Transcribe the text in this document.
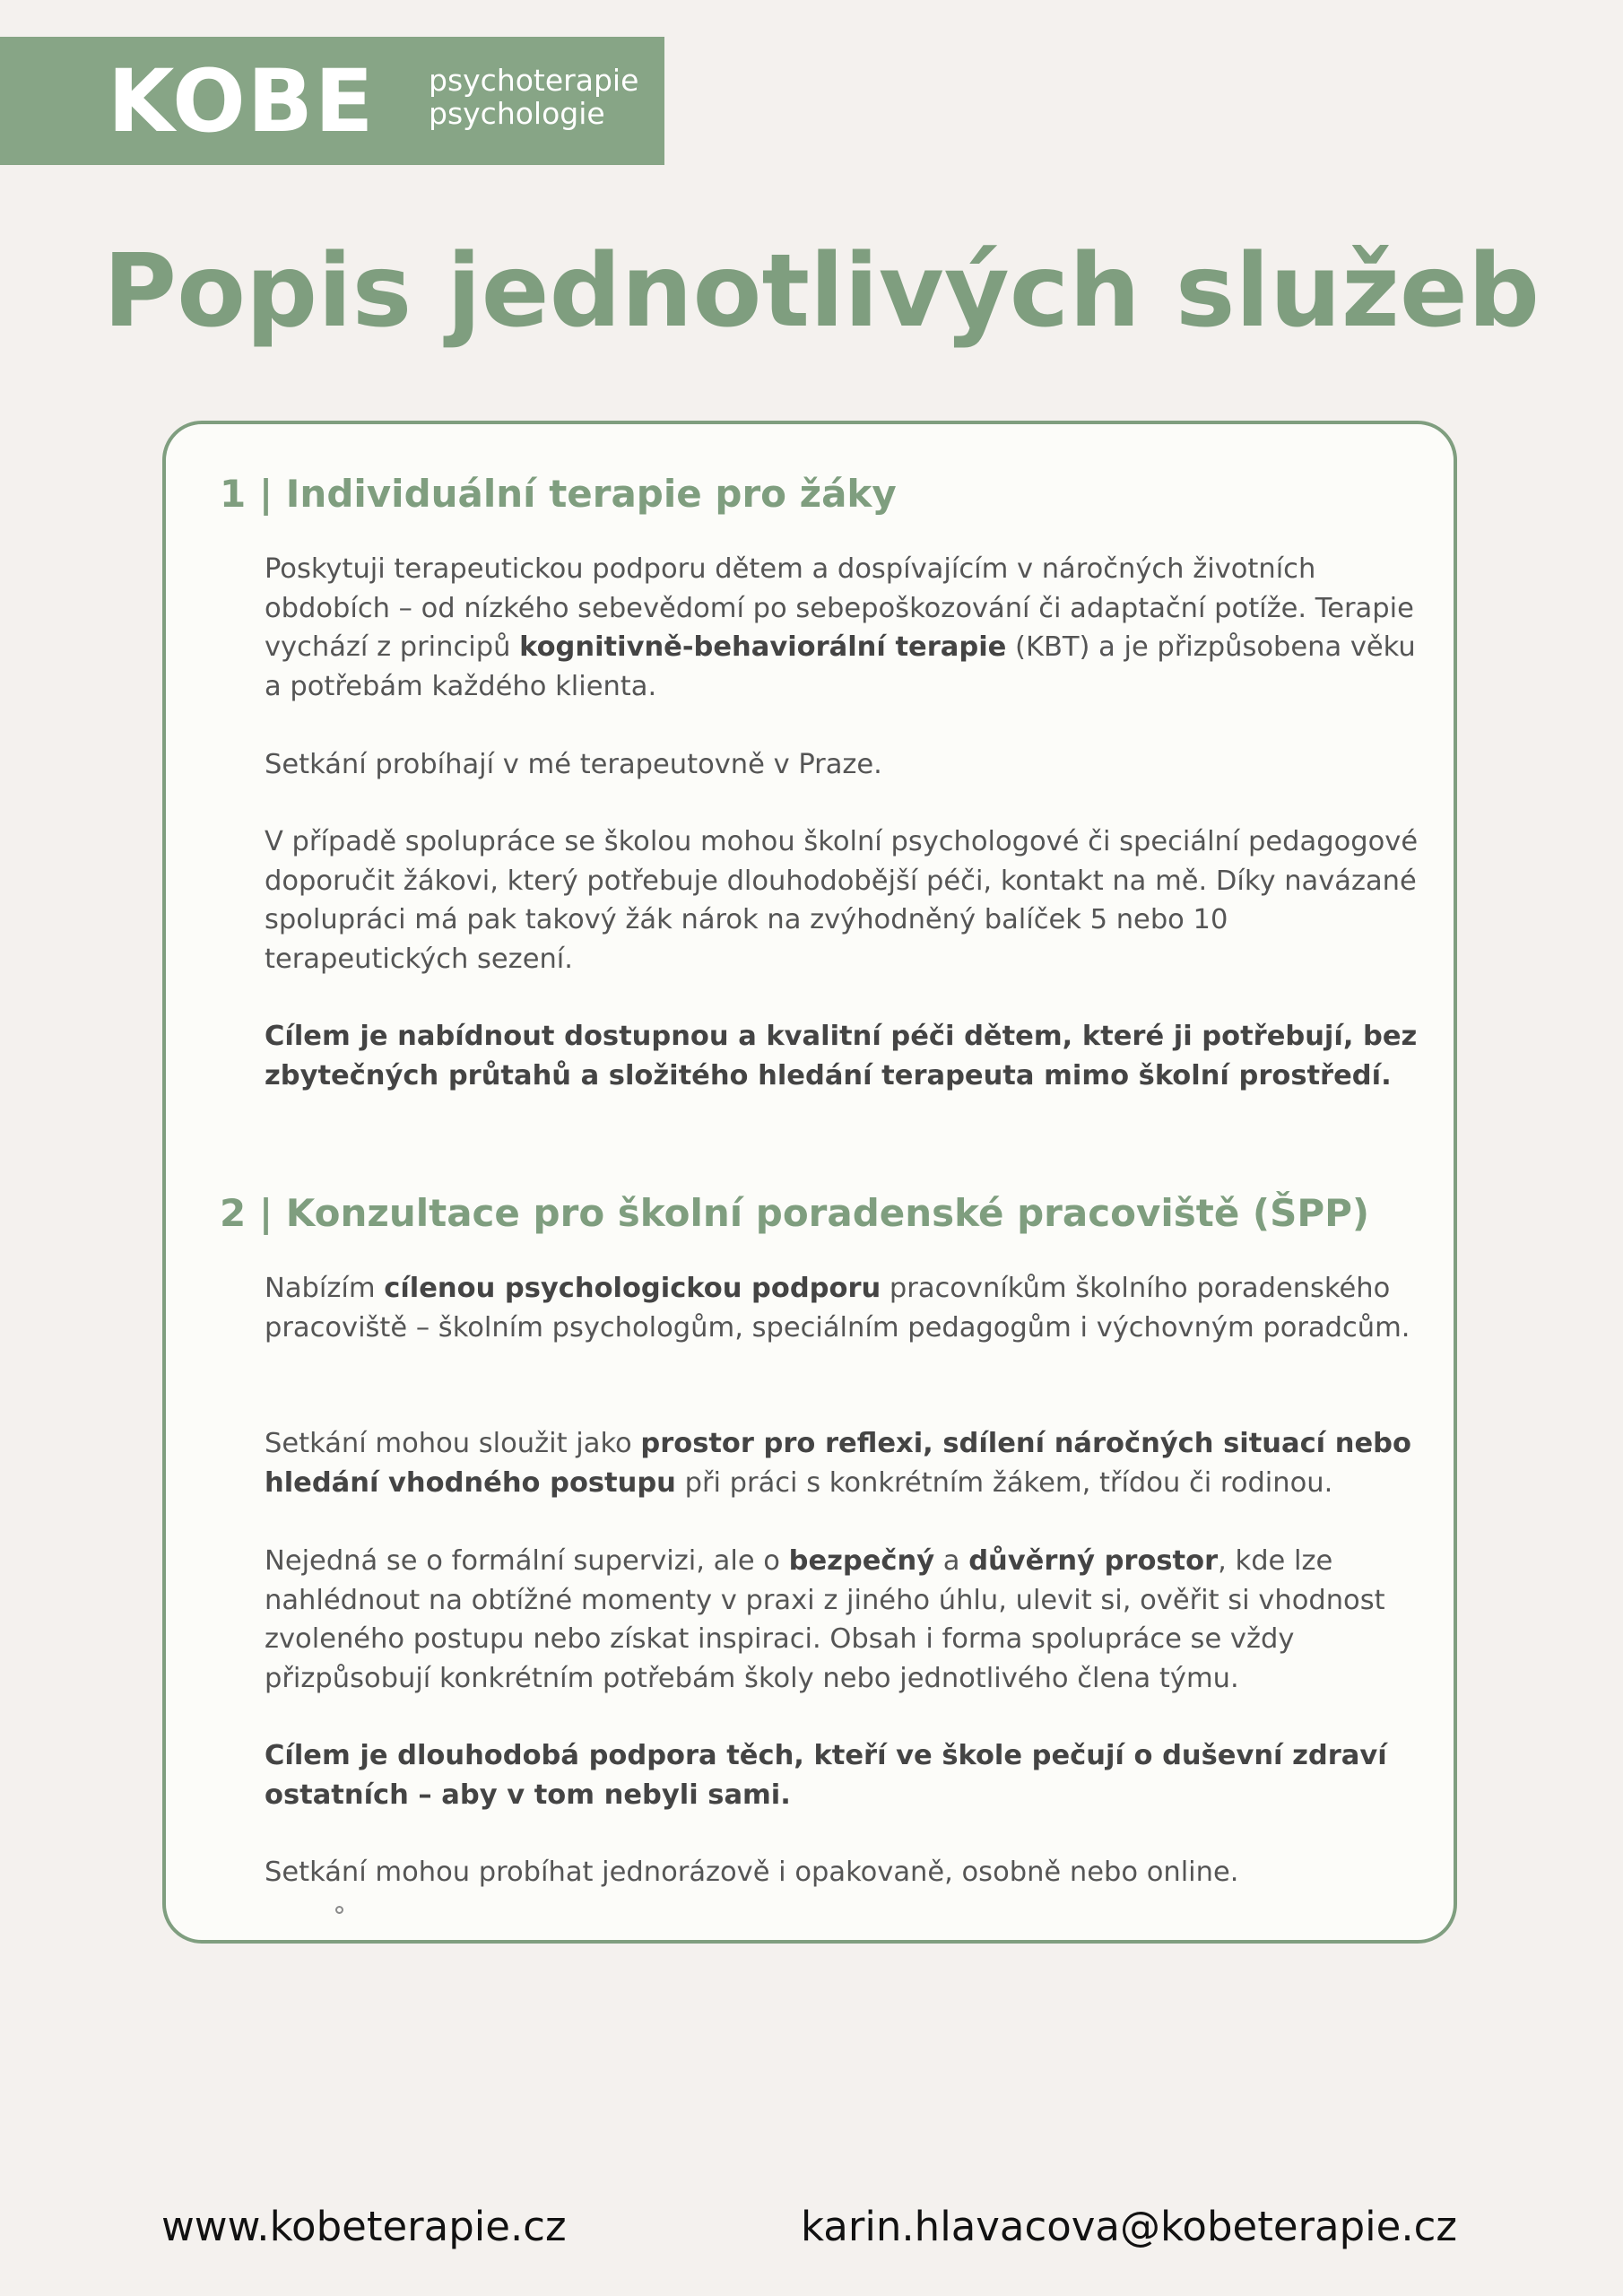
KOBE psychoterapie
psychologie
Popis jednotlivých služeb
1 | Individuální terapie pro žáky

Poskytuji terapeutickou podporu dětem a dospívajícím v náročných životních obdobích – od nízkého sebevědomí po sebepoškozování či adaptační potíže. Terapie vychází z principů kognitivně-behaviorální terapie (KBT) a je přizpůsobena věku a potřebám každého klienta.

Setkání probíhají v mé terapeutovně v Praze.

V případě spolupráce se školou mohou školní psychologové či speciální pedagogové doporučit žákovi, který potřebuje dlouhodobější péči, kontakt na mě. Díky navázané spolupráci má pak takový žák nárok na zvýhodněný balíček 5 nebo 10 terapeutických sezení.

Cílem je nabídnout dostupnou a kvalitní péči dětem, které ji potřebují, bez zbytečných průtahů a složitého hledání terapeuta mimo školní prostředí.

2 | Konzultace pro školní poradenské pracoviště (ŠPP)

Nabízím cílenou psychologickou podporu pracovníkům školního poradenského pracoviště – školním psychologům, speciálním pedagogům i výchovným poradcům.

Setkání mohou sloužit jako prostor pro reflexi, sdílení náročných situací nebo hledání vhodného postupu při práci s konkrétním žákem, třídou či rodinou.

Nejedná se o formální supervizi, ale o bezpečný a důvěrný prostor, kde lze nahlédnout na obtížné momenty v praxi z jiného úhlu, ulevit si, ověřit si vhodnost zvoleného postupu nebo získat inspiraci. Obsah i forma spolupráce se vždy přizpůsobují konkrétním potřebám školy nebo jednotlivého člena týmu.

Cílem je dlouhodobá podpora těch, kteří ve škole pečují o duševní zdraví ostatních – aby v tom nebyli sami.

Setkání mohou probíhat jednorázově i opakovaně, osobně nebo online.

www.kobeterapie.cz	karin.hlavacova@kobeterapie.cz
